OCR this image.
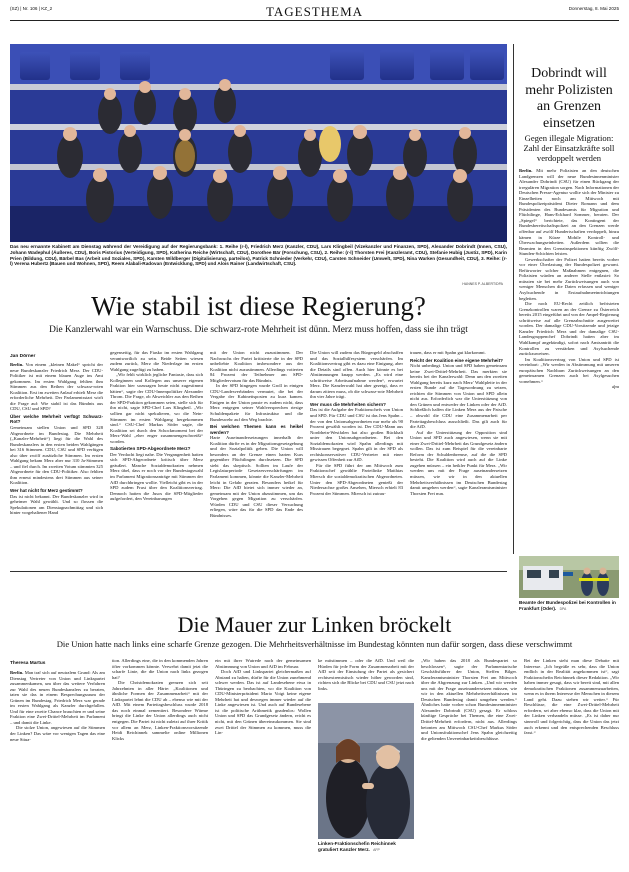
(SZ) | Nr. 106 | KZ_2	TAGESTHEMA	Donnerstag, 8. Mai 2025
Das neu ernannte Kabinett am Dienstag während der Vereidigung auf der Regierungsbank: 1. Reihe (r-l), Friedrich Merz (Kanzler, CDU), Lars Klingbeil (Vizekanzler und Finanzen, SPD), Alexander Dobrindt (Innen, CSU), Johann Wadephul (Äußeres, CDU), Boris Pistorius (Verteidigung, SPD), Katherina Reiche (Wirtschaft, CDU), Dorothee Bär (Forschung, CSU), 2. Reihe: (r-l) Thorsten Frei (Kanzleramt, CDU), Stefanie Hubig (Justiz, SPD), Karin Prien (Bildung, CDU), Bärbel Bas (Arbeit und Soziales, SPD), Karsten Wildberger (Digitalisierung, parteilos), Patrick Schnieder (Verkehr, CDU), Carsten Schneider (Umwelt, SPD), Nina Warken (Gesundheit, CDU), 3. Reihe: (r-l) Verena Hubertz (Bauen und Wohnen, SPD), Reem Alabali-Radovan (Entwicklung, SPD) und Alois Rainer (Landwirtschaft, CSU).
HANNES P. ALBERT/DPA
Wie stabil ist diese Regierung?
Die Kanzlerwahl war ein Warnschuss. Die schwarz-rote Mehrheit ist dünn. Merz muss hoffen, dass sie ihn trägt
Jan Dörner

Berlin. Von einem „kleinen Makel“ spricht der neue Bundeskanzler Friedrich Merz. Der CDU-Politiker ist mit einem blauen Auge ins Amt gekommen. Im ersten Wahlgang fehlten ihm Stimmen aus den Reihen der schwarz-roten Koalition. Erst im zweiten Anlauf erhielt Merz die erforderliche Mehrheit. Der Parlamentsstart wirft die Frage auf: Wie stabil ist das Bündnis aus CDU, CSU und SPD?

Über welche Mehrheit verfügt Schwarz-Rot?

Gemeinsam stellen Union und SPD 328 Abgeordnete im Bundestag. Die Mehrheit („Kanzler-Mehrheit“) liegt für die Wahl des Bundeskanzlers in den ersten beiden Wahlgängen bei 316 Stimmen. CDU, CSU und SPD verfügen also über zwölf zusätzliche Stimmen. Im ersten Wahlgang bekam Merz aber nur 310 Ja-Stimmen – und fiel durch. Im zweiten Votum stimmten 325 Abgeordnete für den CDU-Politiker. Also fehlten ihm erneut mindestens drei Stimmen aus seiner Koalition.

Wer hat nicht für Merz gestimmt?

Das ist nicht bekannt. Der Bundeskanzler wird in geheimer Wahl gewählt. Und so flossen die Spekulationen am Dienstagnachmittag und sich hinter vorgehaltener Hand

gegenseitig, für das Fiasko im ersten Wahlgang verantwortlich zu sein. Beide Seiten wiesen zudem zurück, Merz die Niederlage im ersten Wahlgang zugefügt zu haben.

„Wir fehlt wirklich jegliche Fantasie, dass sich Kolleginnen und Kollegen aus unserer eigenen Fraktion hier sozusagen heute nicht zugestimmt hätten“, sagte der CDU-Innenpolitiker Alexander Throm. Die Frage, ob Abweichler aus den Reihen der SPD-Fraktion gekommen seien, stelle sich für ihn nicht, sagte SPD-Chef Lars Klingbeil. „Wir sollten gar nicht spekulieren, wo die Nein-Stimmen im ersten Wahlgang hergekommen sind.“ CSU-Chef Markus Söder sagte, die Koalition sei durch den Schockmoment bei der Merz-Wahl „eher enger zusammengeschweißt“ worden.

Sabotierten SPD-Abgeordnete Merz?

Der Verdacht liegt nahe. Die Vergangenheit hatten sich SPD-Abgeordnete kritisch über Merz geäußert. Manche Sozialdemokraten nehmen Merz übel, dass er noch vor der Bundestagswahl im Parlament Migrationsanträge mit Stimmen der AfD durchbringen wollte. Vielleicht gibt es in der SPD zudem Frust über den Koalitionsvertrag. Dennoch hatten die Jusos die SPD-Mitglieder aufgefordert, den Vereinbarungen

mit der Union nicht zuzustimmen. Der Nachwuchs der Partei kritisierte die in der SPD unbeliebte Koalition insbesondere aus der Koalition nicht zuzustimmen. Allerdings votierten 84 Prozent der Teilnehmer am SPD-Mitgliedervotum für das Bündnis.

In der SPD hingegen wurde Groll in einigen CDU-Landesverbänden vermutet, die bei der Vergabe der Kabinettsposten zu kurz kamen. Einigen in der Union passte es zudem nicht, dass Merz entgegen seiner Wahlversprechen riesige Schuldenpakete für Infrastruktur und die Bundeswehr auf den Weg brachte.

Bei welchen Themen kann es heikel werden?

Harte Auseinandersetzungen innerhalb der Koalition dürfte es in der Migrationsgesetzgebung und der Sozialpolitik geben. Die Union will besonders an der Grenze einen harten Kurs gegenüber Flüchtlingen durchsetzen. Die SPD sieht das skeptisch. Sollten im Laufe der Legislaturperiode Gesetzesverschärfungen im Parlament kommen, könnte die Kanzler-Mehrheit leicht in Gefahr geraten. Besonders heikel für Merz: Die AfD bietet sich immer wieder an, gemeinsam mit der Union abzustimmen, um das Vorgehen gegen Migration zu verschärfen. Würden CDU und CSU dieser Versuchung erliegen, wäre das für die SPD das Ende des Bündnisses.

Die Union will zudem das Bürgergeld abschaffen und das Sozialhilfesystem verschärfen. Im Koalitionsvertrag gibt es dazu eine Einigung, aber die Details sind offen. Auch hier könnte es bei Abstimmungen knapp werden. „Es wird eine schrittweise Arbeitsaufnahme werden“, erwartet Merz. Die Kanzlerwahl hat aber gezeigt, dass er darum zittern muss, ob die schwarz-rote Mehrheit ihn vier Jahre trägt.

Wer muss die Mehrheiten sichern?

Das ist die Aufgabe der Fraktionschefs von Union und SPD. Für CDU und CSU ist das Jens Spahn – der von den Unionsabgeordneten nur mehr als 90 Prozent gewählt worden ist. Der CDU-Mann aus Nordrhein-Westfalen hat also großen Rückhalt unter den Unionsabgeordneten. Bei den Sozialdemokraten wird Spahn allerdings mit Misstrauen begegnet. Spahn gilt in der SPD als rechtskonservativer CDU-Vertreter mit einer gewissen Offenheit zur AfD.

Für die SPD führt der am Mittwoch zum Fraktionschef gewählte Parteilinke Matthias Miersch die sozialdemokratischen Abgeordneten. Unter den SPD-Abgeordneten genießt der Niedersachse großes Ansehen, Miersch erhielt 83 Prozent der Stimmen. Miersch ist zutrau-

trauen, dass er mit Spahn gut klarkommt.

Reicht der Koalition eine eigene Mehrheit?

Nicht unbedingt. Union und SPD haben gemeinsam keine Zwei-Drittel-Mehrheit. Das merkten sie bereits bei der Kanzlerwahl: Denn um den zweiten Wahlgang bereits kurz nach Merz' Wahlpleite in der ersten Runde auf die Tagesordnung zu setzen, reichten die Stimmen von Union und SPD allein nicht aus. Erforderlich war die Unterstützung von den Grünen und entweder der Linken oder der AfD. Schließlich halfen die Linken Merz aus der Patsche – obwohl die CDU eine Zusammenarbeit per Parteitagsbeschluss ausschließt. Das gilt auch für die AfD.

Auf die Unterstützung der Opposition sind Union und SPD auch angewiesen, wenn sie mit einer Zwei-Drittel-Mehrheit das Grundgesetz ändern wollen. Das ist zum Beispiel für die vereinbarte Reform der Schuldenbremse, auf die die SPD besteht. Die Koalition wird auch auf die Linke zugehen müssen – ein heikler Punkt für Merz. „Wir werden uns mit der Frage auseinandersetzen müssen, wie wir in den aktuellen Mehrheitsverhältnissen im Deutschen Bundestag damit umgehen werden“, sagte Kanzleramtsminister Thorsten Frei nun.

Dobrindt will mehr Polizisten an Grenzen einsetzen
Gegen illegale Migration: Zahl der Einsatzkräfte soll verdoppelt werden

Berlin. Mit mehr Polizisten an den deutschen Landgrenzen will der neue Bundesinnenminister Alexander Dobrindt (CSU) für einen Rückgang der irregulären Migration sorgen. Nach Informationen der Deutschen Presse-Agentur wollte sich der Minister zu Einzelheiten noch am Mittwoch mit Bundespolizeipräsident Dieter Romann und dem Präsidenten des Bundesamts für Migration und Flüchtlinge, Hans-Eckhard Sommer, beraten. Der „Spiegel“ berichtete, das Kontingent der Bundesbereitschaftspolizei an den Grenzen werde offenbar auf zwölf Hundertschaften verdoppelt, hinzu kämen in Kürze Mobile Kontroll- und Überwachungseinheiten. Außerdem sollten die Beamten in den Grenzinspektionen künftig Zwölf-Stunden-Schichten leisten.

Gewerkschafter der Polizei hatten bereits vorher vor einer Überlastung der Bundespolizei gewarnt. Befürworter solcher Maßnahmen entgegnen, die Polizisten würden an anderer Stelle entlastet: So müssten sie bei mehr Zurückweisungen auch von weniger Menschen die Daten erfassen und weniger Asylsuchende in Erstaufnahmeeinrichtungen begleiten.

Die noch EU-Recht zeitlich befristeten Grenzkontrollen waren an der Grenze zu Österreich bereits 2015 eingeführt und von der Ampel-Regierung schrittweise auf alle Grenzabschnitte ausgeweitet worden. Der damalige CDU-Vorsitzende und jetzige Kanzler Friedrich Merz und der damalige CSU-Landesgruppenchef Dobrindt hatten aber im Wahlkampf angekündigt, sofort nach Amtsantritt die Kontrollen zu verstärken und Asylsuchende zurückzuweisen.

Im Koalitionsvertrag von Union und SPD ist vereinbart: „Wir werden in Abstimmung mit unseren europäischen Nachbarn Zurückweisungen an den gemeinsamen Grenzen auch bei Asylgesuchen vornehmen.“

dpa

Beamte der Bundespolizei bei Kontrollen in Frankfurt (Oder). DPA
Die Mauer zur Linken bröckelt
Die Union hatte nach links eine scharfe Grenze gezogen. Die Mehrheitsverhältnisse im Bundestag könnten nun dafür sorgen, dass diese verschwimmt
Theresa Martus

Berlin. Man traf sich auf neutralem Grund: Als am Dienstag Vertreter von Union und Linkspartei zusammenkamen, um über das weitere Verfahren zur Wahl des neuen Bundeskanzlers zu beraten, taten sie das in einem Besprechungsraum der Grünen im Bundestag. Friedrich Merz war gerade im ersten Wahlgang als Kanzler durchgefallen. Und für eine zweite Chance brauchten er und seine Fraktion eine Zwei-Drittel-Mehrheit im Parlament – und damit die Linke.

Die stolze Union, angewiesen auf die Stimmen der Linken? Das wäre vor wenigen Tagen das eine neue Situa-

tion. Allerdings eine, die in den kommenden Jahren öfter vorkommen könnte. Verwehrt damit jetzt die scharfe Linie, die die Union nach links gezogen hat?

Die Christdemokraten grenzen sich seit Jahrzehnten in aller Härte: „Koalitionen und ähnliche Formen der Zusammenarbeit“ mit der Linkspartei lehnt die CDU ab – ebenso wie mit der AfD. Mit einem Parteitagsbeschluss wurde 2018 das noch einmal zementiert. Besondere Wärme bringt die Linke der Union allerdings auch nicht entgegen. Die Partei ist nicht zuletzt auf ihrer Kritik vor allem an Merz, Linken-Fraktionsvorsitzende Heidi Reichinnek sammelte online Millionen Klicks

ein mit ihrer Wutrede nach der gemeinsamen Abstimmung von Union und AfD im Februar.

Doch AfD und Linkspartei gleichermaßen auf Abstand zu halten, dürfte für die Union zunehmend schwer werden. Das ist auf Landesebene etwa in Thüringen zu beobachten, wo die Koalition von CDU-Ministerpräsident Mario Voigt keine eigene Mehrheit hat und deswegen immer wieder auf die Linke angewiesen ist. Und auch auf Bundesebene ist die politische Arithmetik gnadenlos: Wollen Union und SPD das Grundgesetz ändern, reicht es nicht, mit den Grünen übereinzukommen. Sie sind zwei Drittel der Stimmen zu kommen, muss die Lin-

ke mitstimmen – oder die AfD. Und weil die Hürden für jede Form der Zusammenarbeit mit der AfD seit der Einstufung der Partei als gesichert rechtsextremistisch wieder höher geworden sind, richten sich die Blicke bei CDU und CSU jetzt nach links.

Linken-Fraktionschefin Reichinnek gratuliert Kanzler Merz. AFP

„Wir haben das 2018 als Bundespartei so beschlossen“, sagte der Parlamentarische Geschäftsführer der Union, Steffen Bilger. Kanzleramtsminister Thorsten Frei am Mittwoch über die Abgrenzung zur Linken. „Und wir werden uns mit der Frage auseinandersetzen müssen, wie wir in den aktuellen Mehrheitsverhältnissen im Deutschen Bundestag damit umgehen werden.“ Ähnliches hatte vorher schon Bundesinnenminister Alexander Dobrindt (CSU) gesagt. Er schloss künftige Gespräche bei Themen, die eine Zwei-Drittel-Mehrheit erfordern, nicht aus. Allerdings betonten am Mittwoch CSU-Chef Markus Söder und Unionsfraktionschef Jens Spahn gleichzeitig die geltenden Unvereinbarkeitsbeschlüsse.

Bei der Linken sieht man diese Debatte mit Interesse. „Ich begrüße es sehr, dass die Union endlich in der Realität angekommen ist“, sagt Fraktionschefin Reichinnek dieser Redaktion. „Wir haben immer gesagt, dass wir bereit sind, mit allen demokratischen Fraktionen zusammenzuarbeiten, wenn es in ihrem Interesse der Menschen in diesem Land geht. Dazu stehen wir weiter.“ Für Beschlüsse, die eine Zwei-Drittel-Mehrheit erfordern, sei aber ebenso klar, dass die Union mit der Linken verhandeln müsse. „Es ist daher nur sinnvoll und folgerichtig, dass die Union das jetzt auch erkennt und den entsprechenden Beschluss fasst.“
